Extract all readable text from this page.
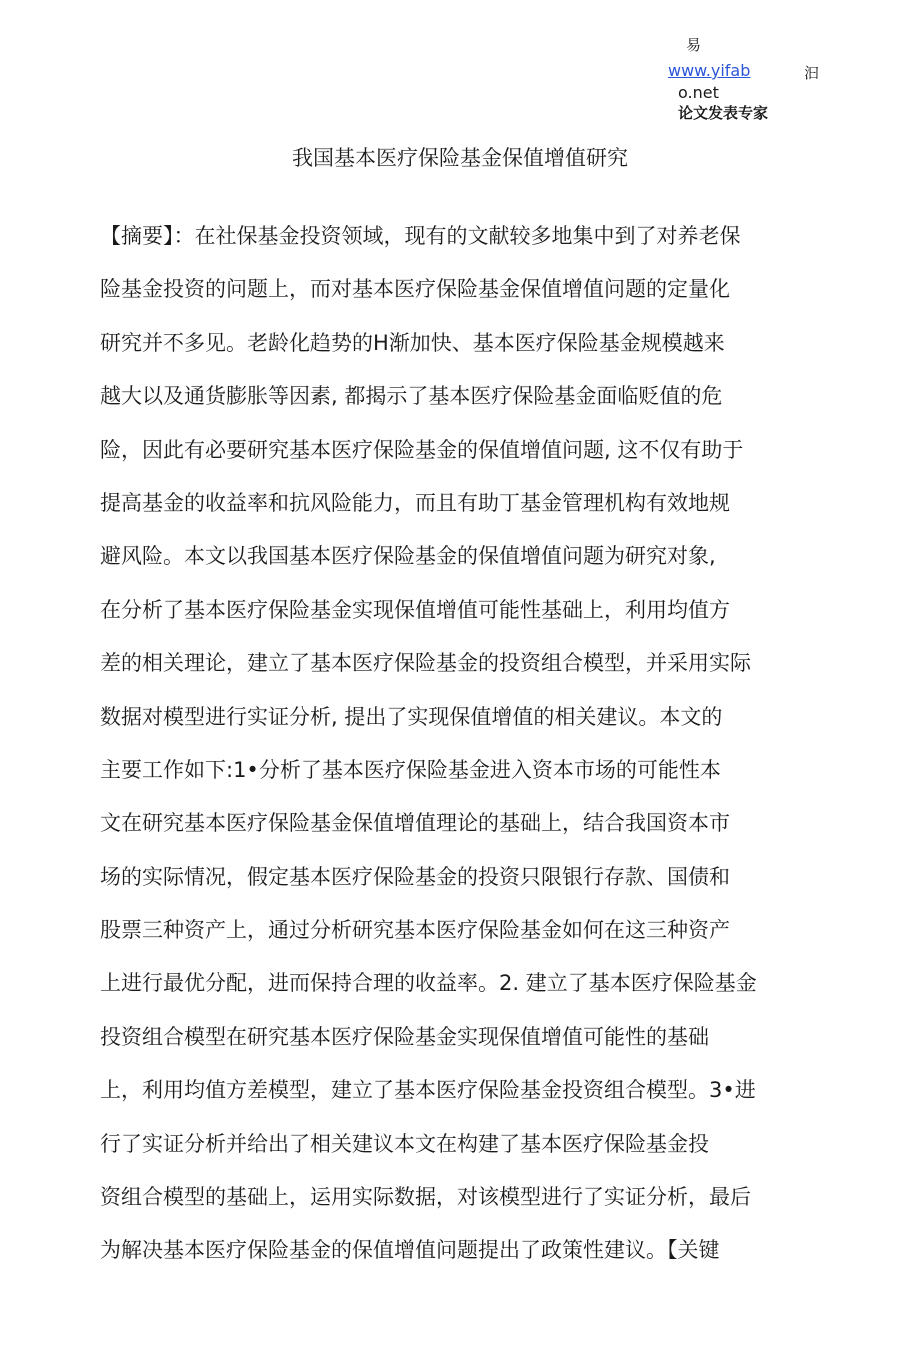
易
www.yifab	汩
o.net
论文发表专家
我国基本医疗保险基金保值增值研究
【摘要】：在社保基金投资领域，现有的文献较多地集中到了对养老保
险基金投资的问题上，而对基本医疗保险基金保值增值问题的定量化
研究并不多见。老龄化趋势的H渐加快、基本医疗保险基金规模越来
越大以及通货膨胀等因素, 都揭示了基本医疗保险基金面临贬值的危
险，因此有必要研究基本医疗保险基金的保值增值问题, 这不仅有助于
提高基金的收益率和抗风险能力，而且有助丁基金管理机构有效地规
避风险。本文以我国基本医疗保险基金的保值增值问题为研究对象,
在分析了基本医疗保险基金实现保值增值可能性基础上，利用均值方
差的相关理论，建立了基本医疗保险基金的投资组合模型，并采用实际
数据对模型进行实证分析, 提出了实现保值增值的相关建议。本文的
主要工作如下:1•分析了基本医疗保险基金进入资本市场的可能性本
文在研究基本医疗保险基金保值增值理论的基础上，结合我国资本市
场的实际情况，假定基本医疗保险基金的投资只限银行存款、国债和
股票三种资产上，通过分析研究基本医疗保险基金如何在这三种资产
上进行最优分配，进而保持合理的收益率。2. 建立了基本医疗保险基金
投资组合模型在研究基本医疗保险基金实现保值增值可能性的基础
上，利用均值方差模型，建立了基本医疗保险基金投资组合模型。3•进
行了实证分析并给出了相关建议本文在构建了基本医疗保险基金投
资组合模型的基础上，运用实际数据，对该模型进行了实证分析，最后
为解决基本医疗保险基金的保值增值问题提出了政策性建议。【关键
